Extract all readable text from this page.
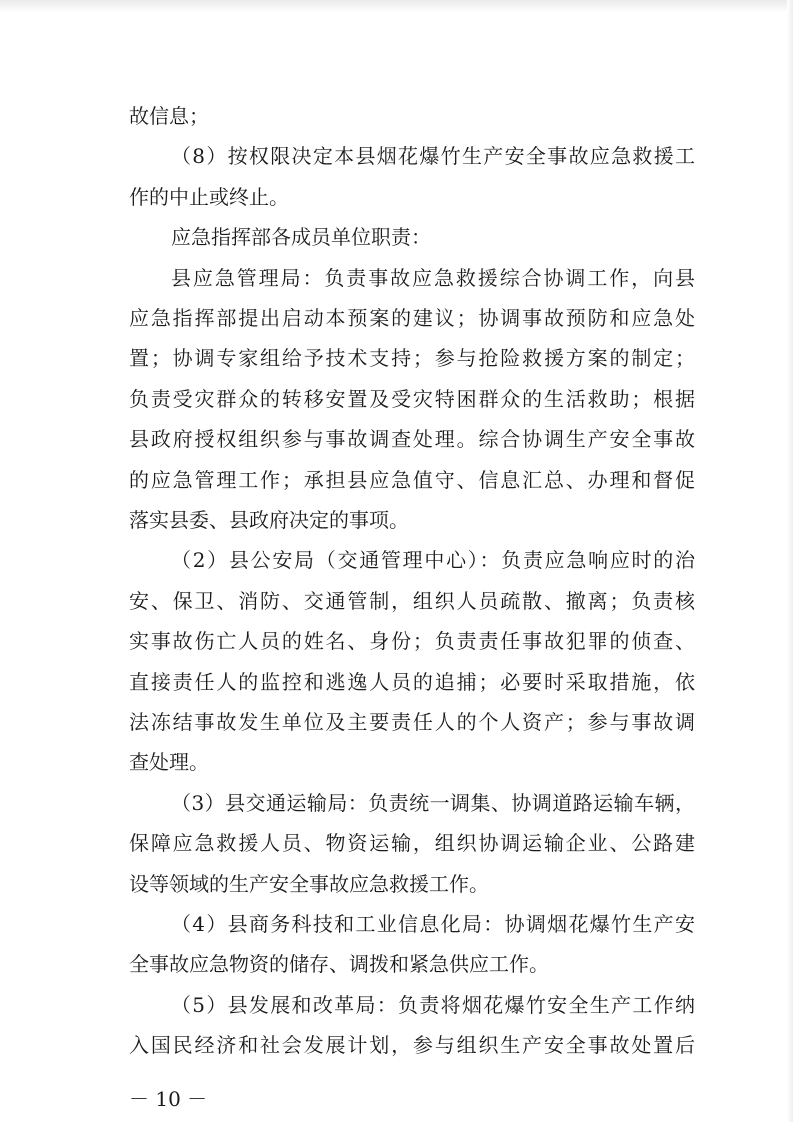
故信息；
（8）按权限决定本县烟花爆竹生产安全事故应急救援工
作的中止或终止。
应急指挥部各成员单位职责：
县应急管理局：负责事故应急救援综合协调工作，向县
应急指挥部提出启动本预案的建议；协调事故预防和应急处
置；协调专家组给予技术支持；参与抢险救援方案的制定；
负责受灾群众的转移安置及受灾特困群众的生活救助；根据
县政府授权组织参与事故调查处理。综合协调生产安全事故
的应急管理工作；承担县应急值守、信息汇总、办理和督促
落实县委、县政府决定的事项。
（2）县公安局（交通管理中心）：负责应急响应时的治
安、保卫、消防、交通管制，组织人员疏散、撤离；负责核
实事故伤亡人员的姓名、身份；负责责任事故犯罪的侦查、
直接责任人的监控和逃逸人员的追捕；必要时采取措施，依
法冻结事故发生单位及主要责任人的个人资产；参与事故调
查处理。
（3）县交通运输局：负责统一调集、协调道路运输车辆，
保障应急救援人员、物资运输，组织协调运输企业、公路建
设等领域的生产安全事故应急救援工作。
（4）县商务科技和工业信息化局：协调烟花爆竹生产安
全事故应急物资的储存、调拨和紧急供应工作。
（5）县发展和改革局：负责将烟花爆竹安全生产工作纳
入国民经济和社会发展计划，参与组织生产安全事故处置后
－ 10 －
